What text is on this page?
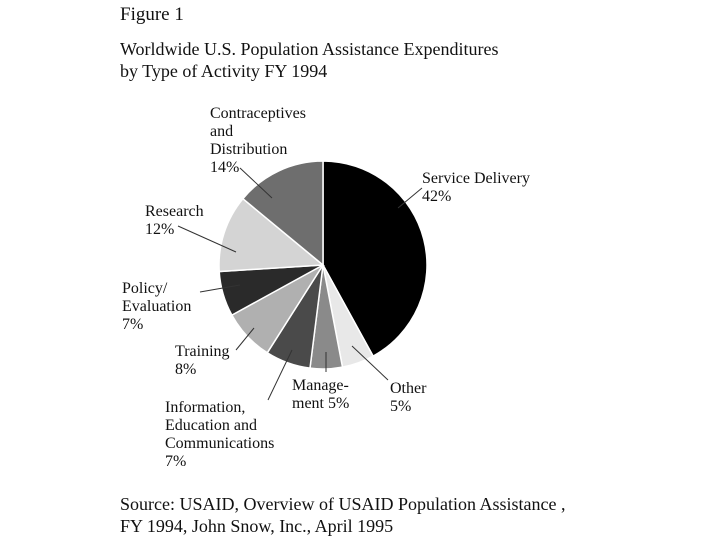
Figure 1
Worldwide U.S. Population Assistance Expenditures
by Type of Activity FY 1994
Service Delivery 42%
Other 5%
Manage-ment 5%
Information, Education and Communications 7%
Training 8%
Policy/ Evaluation 7%
Research 12%
Contraceptives and Distribution 14%
Source: USAID, Overview of USAID Population Assistance ,
FY 1994, John Snow, Inc., April 1995
